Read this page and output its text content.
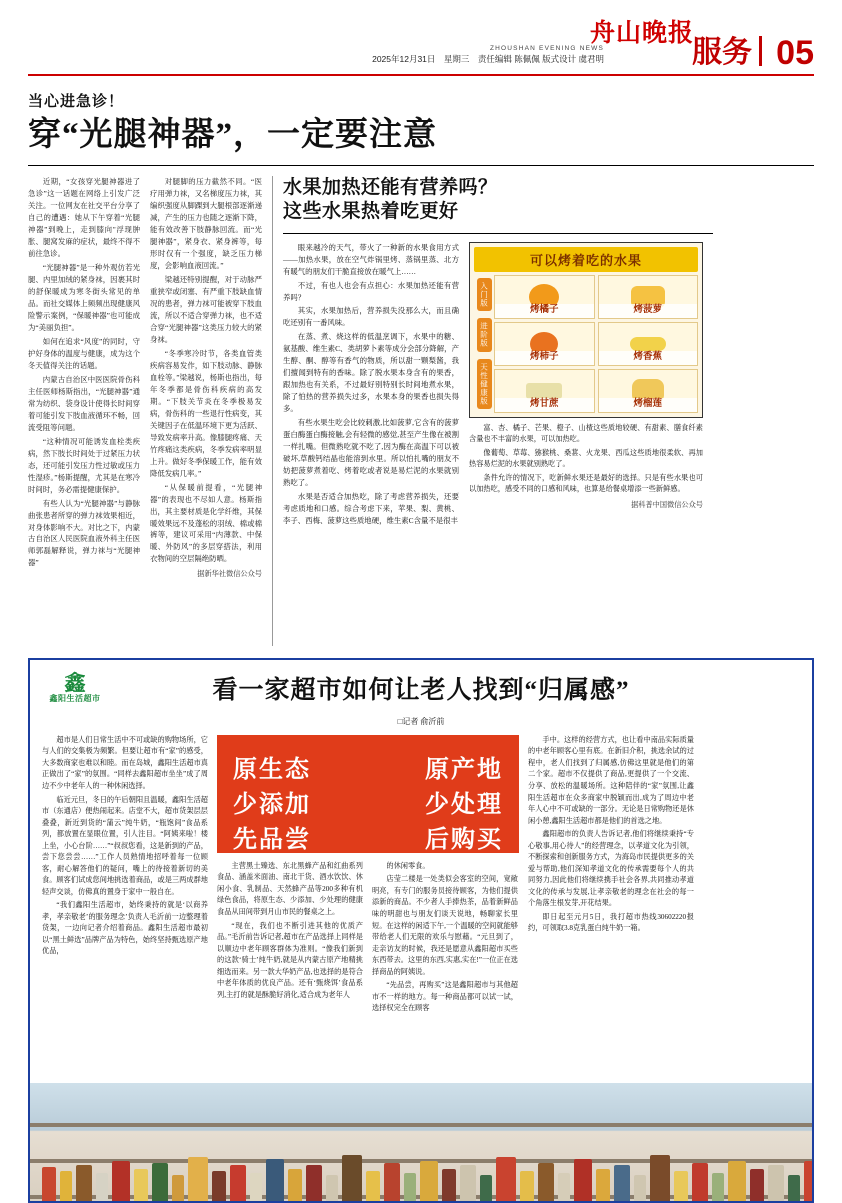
ZHOUSHAN EVENING NEWS
2025年12月31日　星期三　责任编辑 陈佩佩 版式设计 虞君明
舟山晚报
服务 05
当心进急诊！
穿“光腿神器”，一定要注意

近期，“女孩穿光腿神器进了急诊”这一话题在网络上引发广泛关注。一位网友在社交平台分享了自己的遭遇：她从下午穿着“光腿神器”到晚上，走到膝向"浮现肿胀、腿窝发麻的症状，最终不得不前往急诊。

“光腿神器”是一种外观仿若光腿、内里加绒的紧身袜，因裹其时的舒保暖成为寒冬街头常见的单品。而社交媒体上频频出现健康风险警示案例，“保暖神器”也可能成为“美丽负担”。

如何在追求“风度”的同时，守护好身体的温度与健康，成为这个冬天值得关注的话题。

内蒙古自治区中医医院骨伤科主任医师杨斯指出，“光腿神器”通常为纺织、袋身设计使得长时间穿着可能引发下肢血液循环不畅，回流受阻等问题。

“这种情况可能诱发血栓类疾病，然下肢长时间处于过紧压力状态，还可能引发压力性过敏或压力性湿疹。”杨斯提醒，尤其是在寒冷时间时，务必需提健康保护。

有些人认为“光腿神器”与静脉曲张患者所穿的弹力袜效果相近，对身体影响不大。对比之下，内蒙古自治区人民医院血液外科主任医师郭磊解释说，弹力袜与“光腿神器”

对腿脚的压力截然不同。“医疗用弹力袜，又名梯度压力袜，其编织强度从脚踝到大腿根部逐渐递减，产生的压力也随之逐渐下降，能有效改善下肢静脉回流。而“光腿神器”，紧身衣、紧身裤等，每形时仅有一个强度，缺乏压力梯度，会影响血液回流。”

梁越还特别提醒，对于动脉严重狭窄或闭塞、有严重下肢缺血情况的患者，弹力袜可能被穿下肢血流，所以不适合穿弹力袜，也不适合穿“光腿神器”这类压力较大的紧身袜。

“冬季寒冷时节，各类血管类疾病容易发作，如下肢动脉、静脉血栓等。”梁越说，杨斯也指出，每年冬季都是骨伤科疾病的高发期。“下肢关节炎在冬季极易发病，骨伤科的一些退行性病变，其关键因子在低温环境下更为活跃、导致发病率升高。像膝腿疼痛、天竹疼痛这类疾病，冬季发病率明显上升。做好冬季保暖工作，能有效降低发病几率。”

“从保暖前提看，“光腿神器”的表现也不尽如人意。杨斯指出，其主要材质是化学纤维，其保暖效果远不及蓬松的羽绒、棉或棉裤等，建议可采用“内薄款、中保暖、外防风”的多层穿搭法，利用衣物间的空层隔绝防晒。

据新华社微信公众号
水果加热还能有营养吗？
这些水果热着吃更好

眼来越冷的天气，带火了一种新的水果食用方式——加热水果，放在空气炸锅里烤、蒸锅里蒸、北方有暖气的朋友们干脆直接放在暖气上……

不过，有也人也会有点担心：水果加热还能有营养吗？

其实，水果加热后，营养损失没那么大，而且确吃还别有一番风味。

在蒸、煮、烧这样的低温烹调下，水果中的糖、氨基酸、维生素C、类胡萝卜素等成分会部分降解，产生醇、酮、醇等有香气的物质，所以甜一颗梨酱，我们擅闻到特有的香味。除了脱水果本身含有的果香，跟加热也有关系，不过最好别特别长时间地煮水果，除了怕热的营养损失过多，水果本身的果香也损失得多。

有些水果生吃会比较刺激,比如菠萝,它含有的菠萝蛋白酶蛋白酶接触,会有轻微的感觉,甚至产生像在被割一样扎嘴。但微熟吃就不吃了,因为酶在高温下可以被破坏,草酸钙结晶也能溶到水里。所以怕扎嘴的朋友不妨把菠萝煮着吃、烤着吃或者说是易烂泥的水果就别熟吃了。

水果是否适合加热吃，除了考虑营养损失，还要考虑质地和口感。综合考虑下来，苹果、梨、黄桃、李子、西梅、菠萝这些质地硬，维生素C含量不是很丰

可以烤着吃的水果
入门版
进阶版
天性健康版
烤橘子	烤菠萝
烤柿子	烤香蕉
烤甘蔗	烤榴莲

富、杏、橘子、芒果、橙子、山楂这些质地较硬、有甜素、膳食纤素含量也不丰富的水果，可以加热吃。

像葡萄、草莓、猕猴桃、桑葚、火龙果、西瓜这些质地很柔软、再加热容易烂泥的水果就别熟吃了。

条件允许的情况下，吃新鲜水果还是最好的选择。只是有些水果也可以加热吃，感受不同的口感和风味，也算是给餐桌增添一些新鲜感。

据科普中国微信公众号
鑫
鑫阳生活超市	看一家超市如何让老人找到“归属感”
□记者 俞沂前

超市是人们日常生活中不可或缺的购物场所，它与人们的交集极为频繁。但要让超市有“家”的感受，大多数商家也难以和睦。而在岛城，鑫阳生活超市真正做出了“家”的氛围。“同样去鑫阳超市坐坐”成了周边不少中老年人的一种休闲选择。

临近元旦，冬日的午后朝阳且温暖，鑫阳生活超市（东通店）便热闹起来。店堂不大，超市货架层层叠叠，新近到货的“蒲云”纯牛奶，“瓶饱间”食品系列，都放置在显眼位置，引人注目。“阿姨来啦！楼上坐，小心台阶……”“叔叔您看，这是新到的产品，尝下您尝尝……”工作人员熟情地招呼着每一位顾客，耐心解答他们的疑问，嘴上的待接着新切的美食。顾客们试成您间地挑选着商品，或是三两成群地轻声交谈，仿佛真的置身于家中一般自在。

“我们鑫阳生活超市，始终秉持的就是‘以商养孝，孝亲敬老’的服务理念’负责人毛沂前一边整理着货架，一边向记者介绍着商品。鑫阳生活超市最初以“黑土鲜选”品牌产品为特色，始终坚持甄选原产地优品，

原生态	原产地
少添加	少处理
先品尝	后购买

主营黑土臻选、东北黑蜂产品和红曲系列食品、涵盖米面油、南北干货、酒水饮饮、休闲小食、乳制品、天然蜂产品等200多种有机绿色食品，将原生态、少添加、少处理的健康食品从田间带到月山市民的餐桌之上。

“现在，我们也不断引进其他的优质产品。”毛沂前告诉记者,超市在产品选择上同样是以顺边中老年顾客群体为准则。“像我们新到的这款‘骑士’纯牛奶,就是从内蒙古原产地精挑细选而来。另一款大华奶产品,也选择的是符合中老年体质的优良产品。还有‘甄烧饵’食品系列,主打的就是酥脆好消化,适合成为老年人

的休闲零食。

店莹二楼是一处类似会客室的空间，宽敞明亮，有专门的服务员接待顾客，为他们提供添新的商品。不少者人手捧热茶，品着新鲜品味的明甜也与朋友们谈天说地，畅聊家长里短。在这样的闲适下午,一个温暖的空间就能够带给老人们无限的欢乐与慰藉。“元旦到了，走亲访友的时候，我还是愿意从鑫阳超市买些东西带去。这里的东西,实惠,实在!”一位正在选择商品的阿姨说。

“先品尝，再购买”这是鑫阳超市与其他超市不一样的地方。每一种商品都可以试一试，选择权完全在顾客

手中。这样的经营方式，也让看中南品实际质量的中老年顾客心里有底。在新旧介积，挑选余试的过程中，老人们找到了归属感,仿佛这里就是他们的第二个家。超市不仅提供了商品,更提供了一个交流、分享、放松的温暖场所。这种陪伴的“家”氛围,让鑫阳生活超市在众多商家中脱颖而出,成为了周边中老年人心中不可或缺的一部分。无论是日常购物还是休闲小憩,鑫阳生活超市都是他们的首选之地。

鑫阳超市的负责人告诉记者,他们将继续秉持“专心敬事,用心待人”的经营理念，以孝道文化为引领，不断探索和创新服务方式，为海岛市民提供更多的关爱与帮助,他们深知孝道文化的传承需要每个人的共同努力,因此他们将继续携手社会各界,共同推动孝道文化的传承与发展,让孝亲敬老的理念在社会的每一个角落生根发芽,开花结果。

即日起至元月5日，我打超市热线30602220报约，可领取3.8克乳蛋白纯牛奶一箱。
